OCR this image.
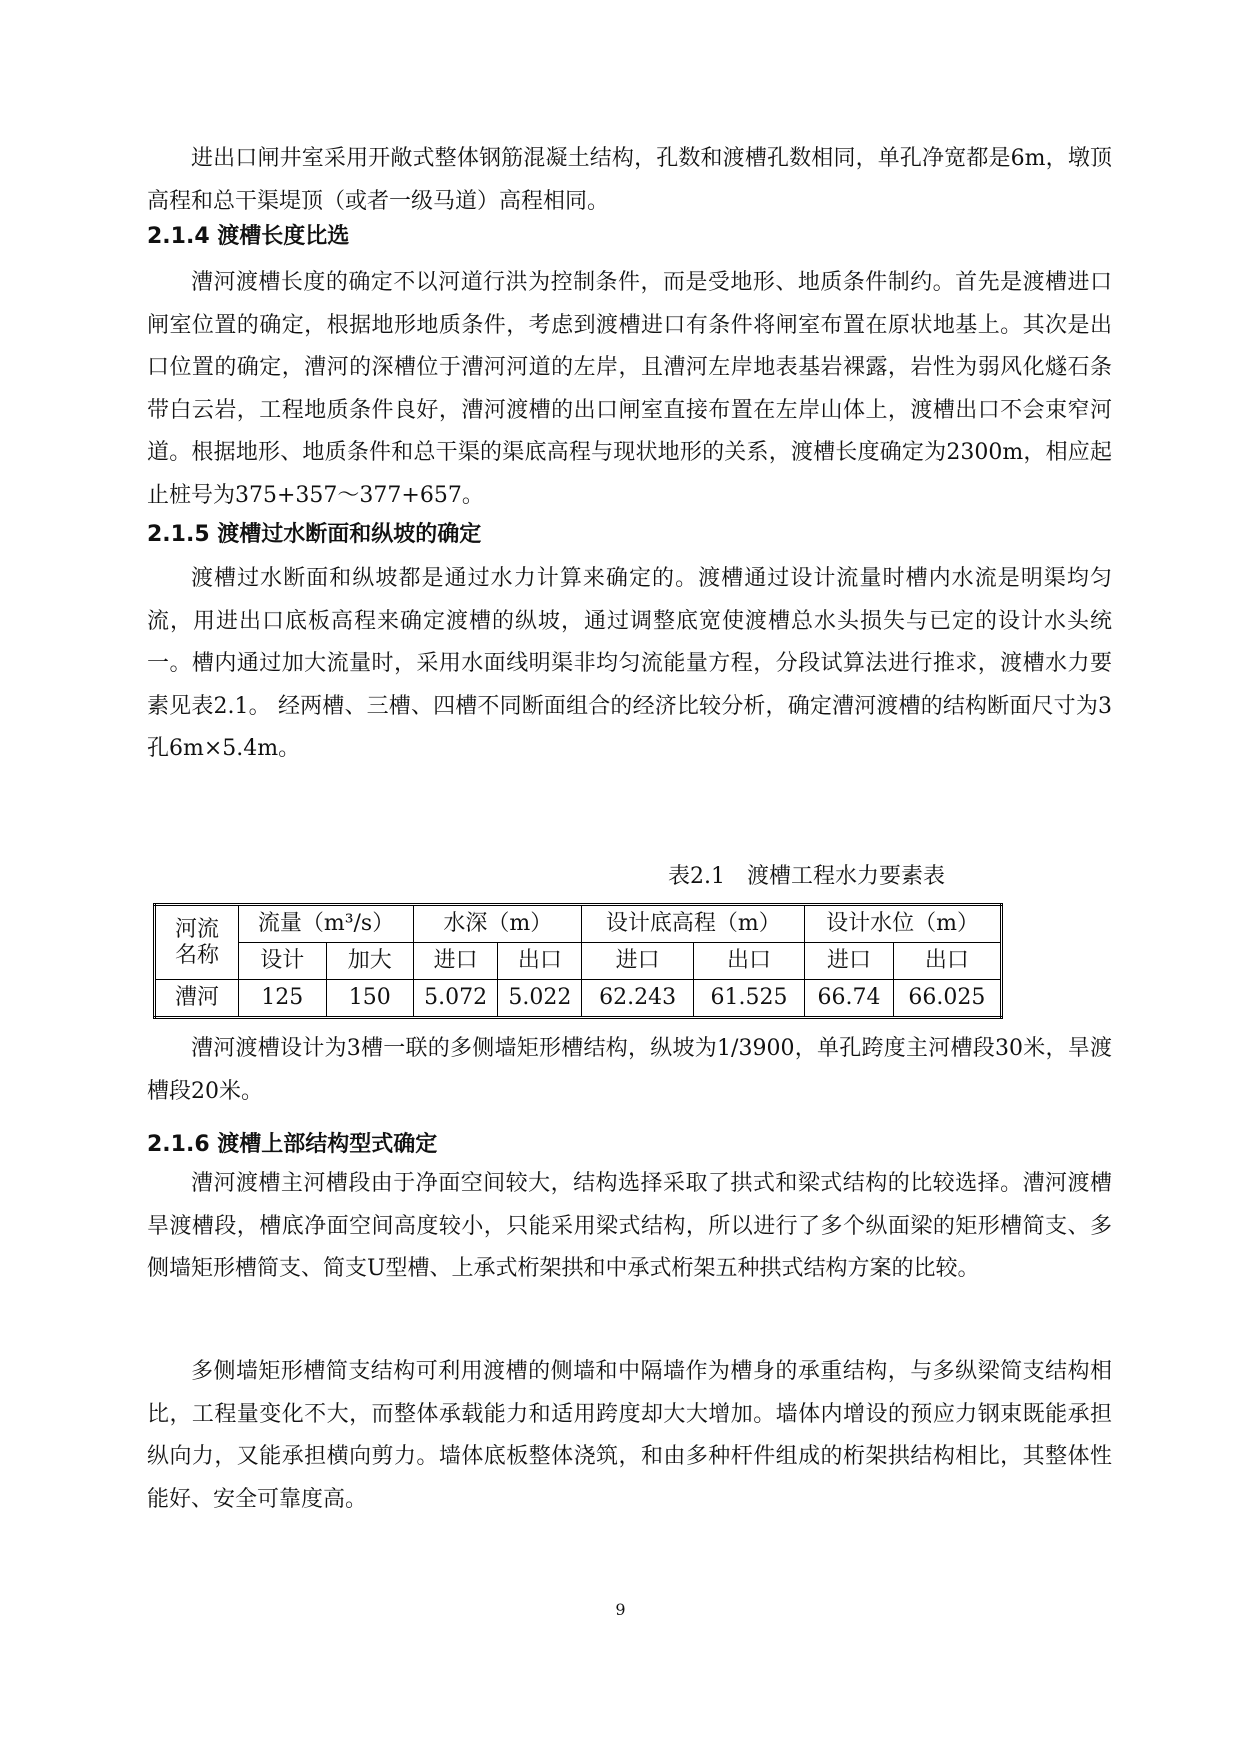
进出口闸井室采用开敞式整体钢筋混凝土结构，孔数和渡槽孔数相同，单孔净宽都是6m，墩顶高程和总干渠堤顶（或者一级马道）高程相同。

2.1.4 渡槽长度比选

漕河渡槽长度的确定不以河道行洪为控制条件，而是受地形、地质条件制约。首先是渡槽进口闸室位置的确定，根据地形地质条件，考虑到渡槽进口有条件将闸室布置在原状地基上。其次是出口位置的确定，漕河的深槽位于漕河河道的左岸，且漕河左岸地表基岩裸露，岩性为弱风化燧石条带白云岩，工程地质条件良好，漕河渡槽的出口闸室直接布置在左岸山体上，渡槽出口不会束窄河道。根据地形、地质条件和总干渠的渠底高程与现状地形的关系，渡槽长度确定为2300m，相应起止桩号为375+357～377+657。

2.1.5 渡槽过水断面和纵坡的确定

渡槽过水断面和纵坡都是通过水力计算来确定的。渡槽通过设计流量时槽内水流是明渠均匀流，用进出口底板高程来确定渡槽的纵坡，通过调整底宽使渡槽总水头损失与已定的设计水头统一。槽内通过加大流量时，采用水面线明渠非均匀流能量方程，分段试算法进行推求，渡槽水力要素见表2.1。 经两槽、三槽、四槽不同断面组合的经济比较分析，确定漕河渡槽的结构断面尺寸为3孔6m×5.4m。

表2.1　渡槽工程水力要素表
河流
名称	流量（m³/s）		水深（m）		设计底高程（m）		设计水位（m）	
	设计	加大	进口	出口	进口	出口	进口	出口
漕河	125	150	5.072	5.022	62.243	61.525	66.74	66.025

漕河渡槽设计为3槽一联的多侧墙矩形槽结构，纵坡为1/3900，单孔跨度主河槽段30米，旱渡槽段20米。

2.1.6 渡槽上部结构型式确定

漕河渡槽主河槽段由于净面空间较大，结构选择采取了拱式和梁式结构的比较选择。漕河渡槽旱渡槽段，槽底净面空间高度较小，只能采用梁式结构，所以进行了多个纵面梁的矩形槽简支、多侧墙矩形槽简支、简支U型槽、上承式桁架拱和中承式桁架五种拱式结构方案的比较。

多侧墙矩形槽简支结构可利用渡槽的侧墙和中隔墙作为槽身的承重结构，与多纵梁简支结构相比，工程量变化不大，而整体承载能力和适用跨度却大大增加。墙体内增设的预应力钢束既能承担纵向力，又能承担横向剪力。墙体底板整体浇筑，和由多种杆件组成的桁架拱结构相比，其整体性能好、安全可靠度高。

9
